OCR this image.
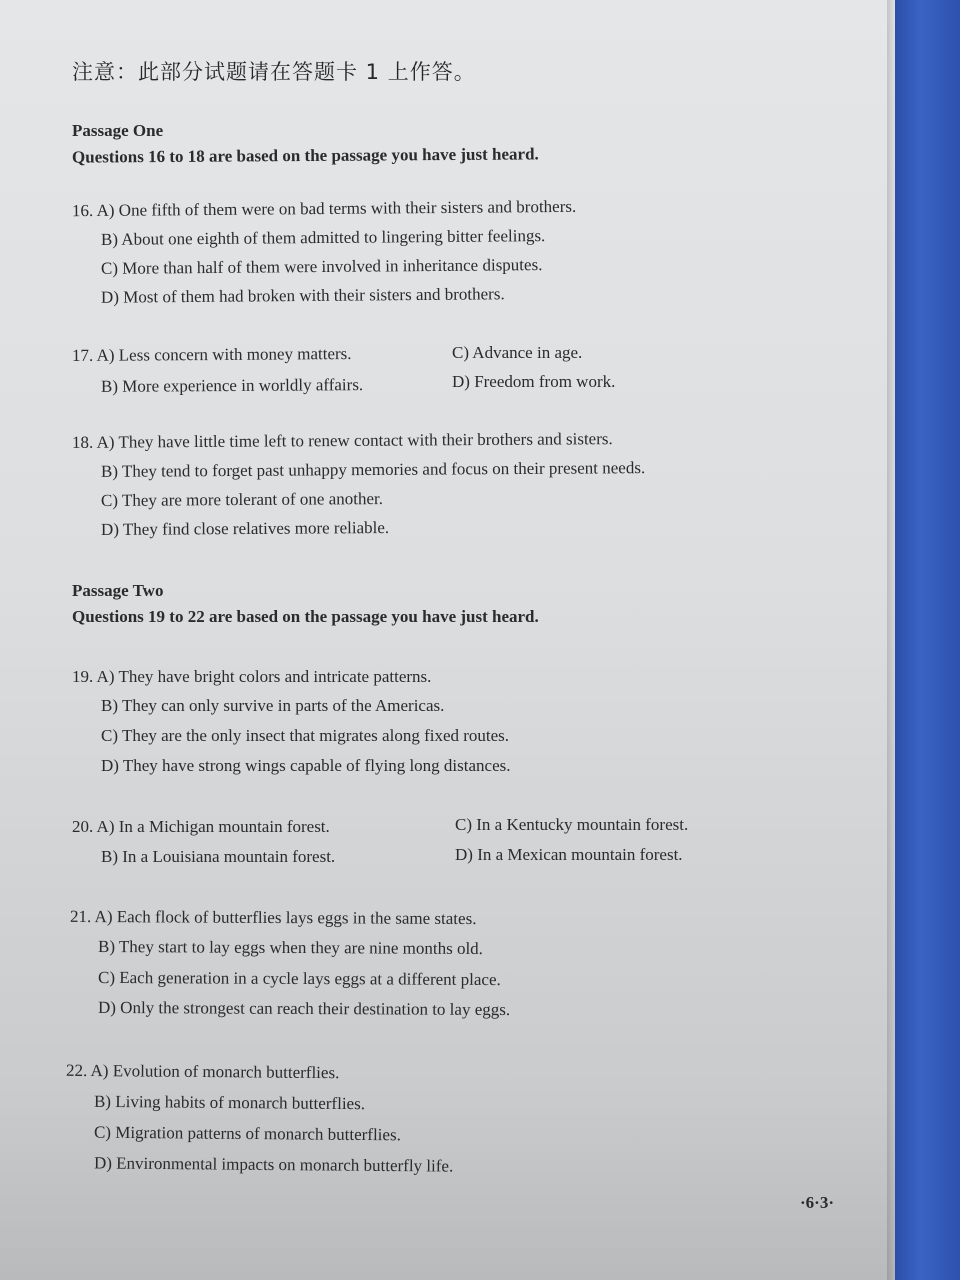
注意：此部分试题请在答题卡 1 上作答。
Passage One
Questions 16 to 18 are based on the passage you have just heard.
16. A) One fifth of them were on bad terms with their sisters and brothers.
B) About one eighth of them admitted to lingering bitter feelings.
C) More than half of them were involved in inheritance disputes.
D) Most of them had broken with their sisters and brothers.
17. A) Less concern with money matters.	C) Advance in age.
B) More experience in worldly affairs.	D) Freedom from work.
18. A) They have little time left to renew contact with their brothers and sisters.
B) They tend to forget past unhappy memories and focus on their present needs.
C) They are more tolerant of one another.
D) They find close relatives more reliable.
Passage Two
Questions 19 to 22 are based on the passage you have just heard.
19. A) They have bright colors and intricate patterns.
B) They can only survive in parts of the Americas.
C) They are the only insect that migrates along fixed routes.
D) They have strong wings capable of flying long distances.
20. A) In a Michigan mountain forest.	C) In a Kentucky mountain forest.
B) In a Louisiana mountain forest.	D) In a Mexican mountain forest.
21. A) Each flock of butterflies lays eggs in the same states.
B) They start to lay eggs when they are nine months old.
C) Each generation in a cycle lays eggs at a different place.
D) Only the strongest can reach their destination to lay eggs.
22. A) Evolution of monarch butterflies.
B) Living habits of monarch butterflies.
C) Migration patterns of monarch butterflies.
D) Environmental impacts on monarch butterfly life.
·6·3·
